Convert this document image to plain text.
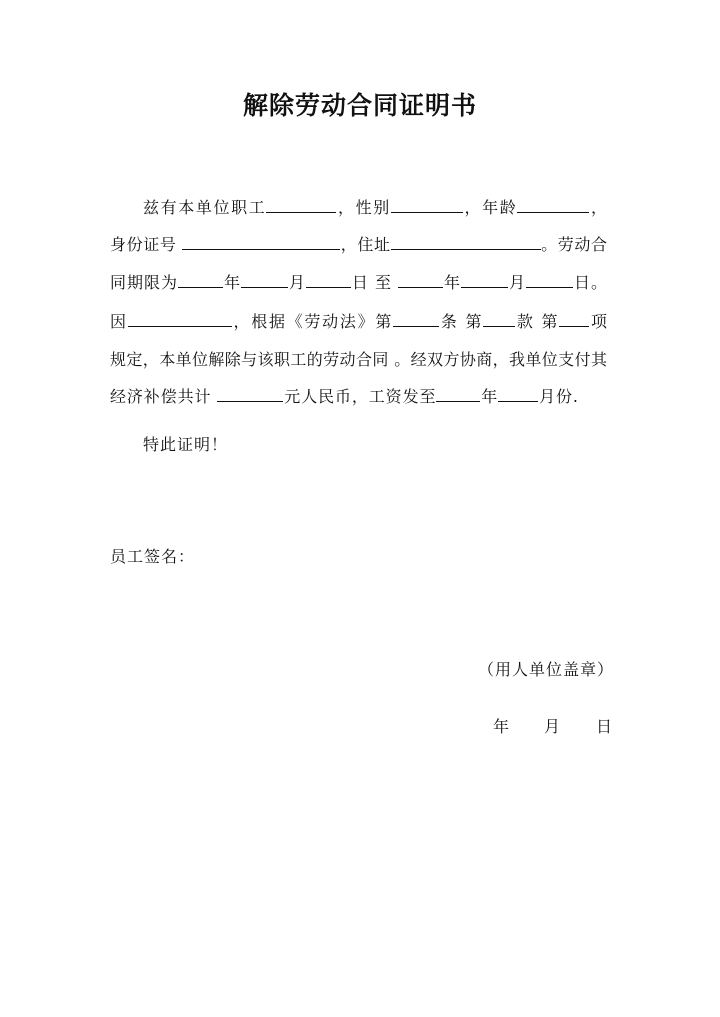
解除劳动合同证明书
兹有本单位职工	，性别	，年龄	，
身份证号	，住址	。劳动合
同期限为	年	月	日 至	年	月	日。
因	，根据《劳动法》第	条 第 款 第 项
规定，本单位解除与该职工的劳动合同 。经双方协商，我单位支付其
经济补偿共计	元人民币，工资发至	年	月份.
特此证明！
员工签名：
（用人单位盖章）
年 月 日
